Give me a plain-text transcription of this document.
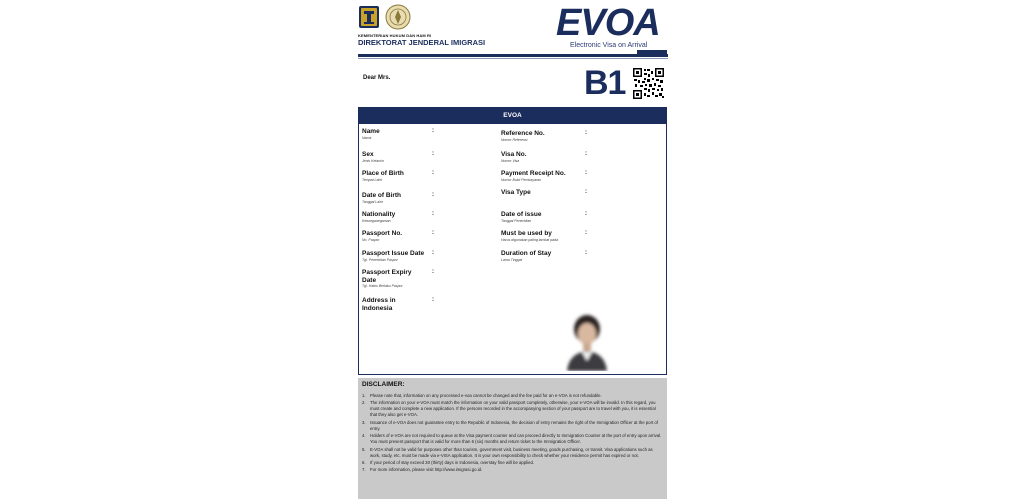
KEMENTERIAN HUKUM DAN HAM RI
DIREKTORAT JENDERAL IMIGRASI EVOA
Electronic Visa on Arrival
Dear Mrs.	B1
EVOA
Name
Nama
:
Sex
Jenis Kelamin
:
Place of Birth
Tempat Lahir
:
Date of Birth
Tanggal Lahir
:
Nationality
Kewarganegaraan
:
Passport No.
No. Paspor
:
Passport Issue Date
Tgl. Penerbitan Paspor
:
Passport Expiry Date
Tgl. Habis Berlaku Paspor
:
Address in Indonesia
:
Reference No.
Nomor Referensi
:
Visa No.
Nomor Visa
:
Payment Receipt No.
Nomor Bukti Pembayaran
:
Visa Type	:
Date of issue
Tanggal Penerbitan
:
Must be used by
Harus digunakan paling lambat pada
:
Duration of Stay
Lama Tinggal
:
DISCLAIMER:
1. Please note that, information on any processed e-voa cannot be changed and the fee paid for an e-VOA is not refundable.
2. The information on your e-VOA must match the information on your valid passport completely, otherwise, your e-VOA will be invalid. In this regard, you must create and complete a new application. If the persons recorded in the accompanying section of your passport are to travel with you, it is essential that they also get e-VOA.
3. Issuance of e-VOA does not guarantee entry to the Republic of Indonesia, the decision of entry remains the right of the Immigration Officer at the port of entry.
4. Holders of e-VOA are not required to queue at the Visa payment counter and can proceed directly to Immigration Counter at the port of entry upon arrival. You must present passport that is valid for more than 6 (six) months and return ticket to the Immigration Officer.
5. E-VOA shall not be valid for purposes other than tourism, government visit, business meeting, goods purchasing, or transit. Visa applications such as work, study, etc. must be made via e-VISA application. It is your own responsibility to check whether your residence permit has expired or not.
6. If your period of stay exceed 30 (thirty) days in Indonesia, overstay fine will be applied.
7. For more information, please visit http://www.imigrasi.go.id.
